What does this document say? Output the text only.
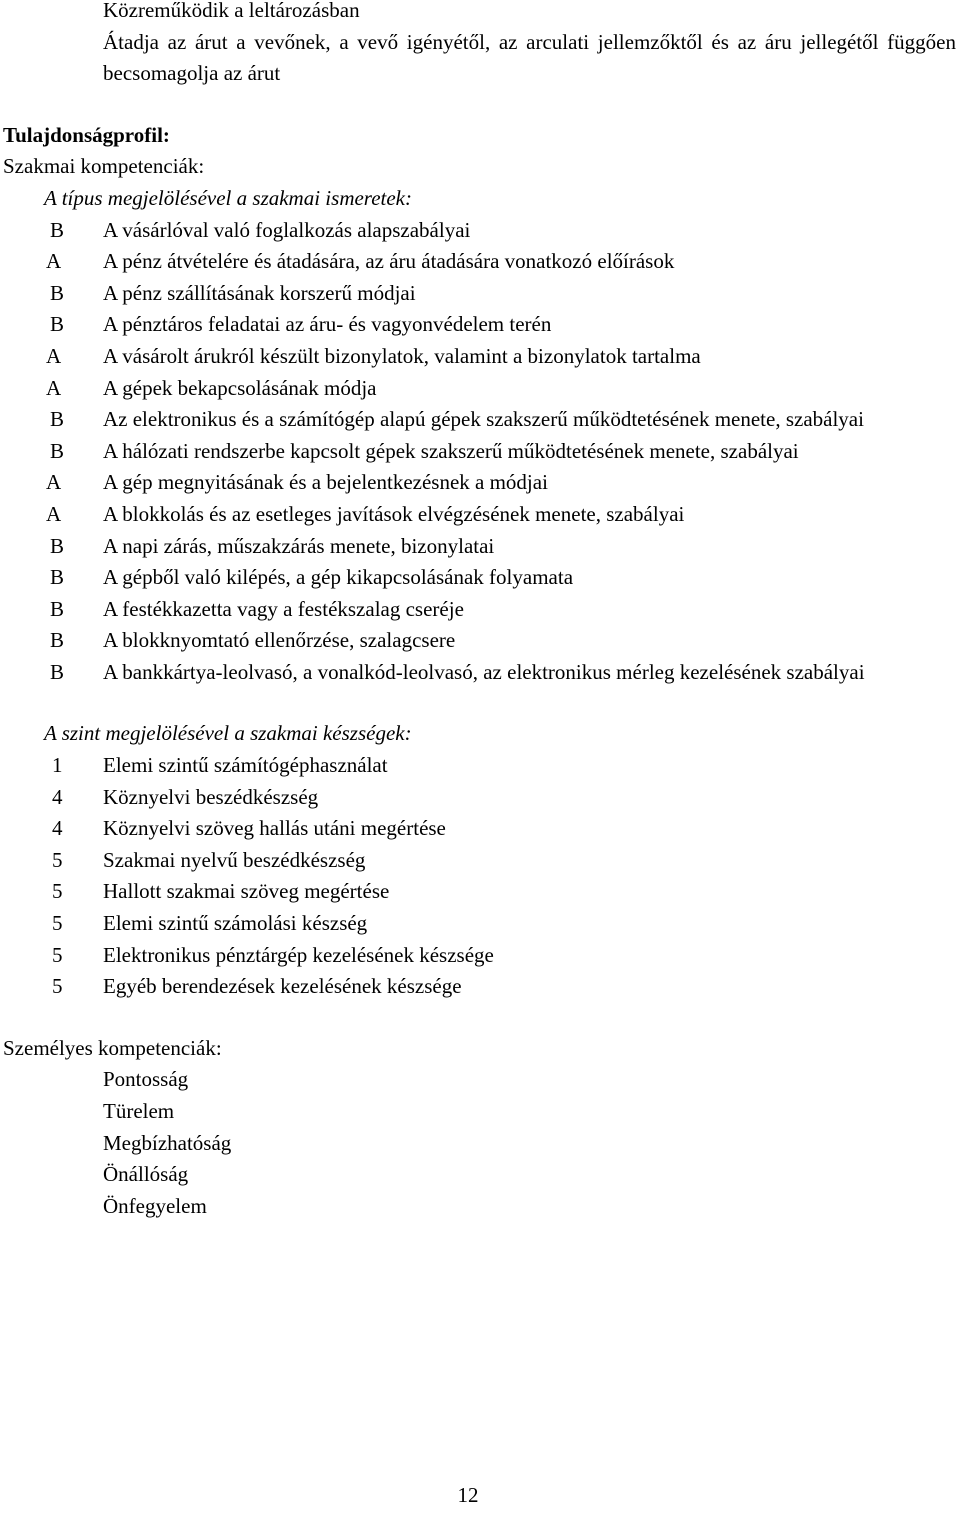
Közreműködik a leltározásban
Átadja az árut a vevőnek, a vevő igényétől, az arculati jellemzőktől és az áru jellegétől függően becsomagolja az árut
Tulajdonságprofil:
Szakmai kompetenciák:
A típus megjelölésével a szakmai ismeretek:
B	A vásárlóval való foglalkozás alapszabályai
A	A pénz átvételére és átadására, az áru átadására vonatkozó előírások
B	A pénz szállításának korszerű módjai
B	A pénztáros feladatai az áru- és vagyonvédelem terén
A	A vásárolt árukról készült bizonylatok, valamint a bizonylatok tartalma
A	A gépek bekapcsolásának módja
B	Az elektronikus és a számítógép alapú gépek szakszerű működtetésének menete, szabályai
B	A hálózati rendszerbe kapcsolt gépek szakszerű működtetésének menete, szabályai
A	A gép megnyitásának és a bejelentkezésnek a módjai
A	A blokkolás és az esetleges javítások elvégzésének menete, szabályai
B	A napi zárás, műszakzárás menete, bizonylatai
B	A gépből való kilépés, a gép kikapcsolásának folyamata
B	A festékkazetta vagy a festékszalag cseréje
B	A blokknyomtató ellenőrzése, szalagcsere
B	A bankkártya-leolvasó, a vonalkód-leolvasó, az elektronikus mérleg kezelésének szabályai
A szint megjelölésével a szakmai készségek:
1	Elemi szintű számítógéphasználat
4	Köznyelvi beszédkészség
4	Köznyelvi szöveg hallás utáni megértése
5	Szakmai nyelvű beszédkészség
5	Hallott szakmai szöveg megértése
5	Elemi szintű számolási készség
5	Elektronikus pénztárgép kezelésének készsége
5	Egyéb berendezések kezelésének készsége
Személyes kompetenciák:
Pontosság
Türelem
Megbízhatóság
Önállóság
Önfegyelem
12
